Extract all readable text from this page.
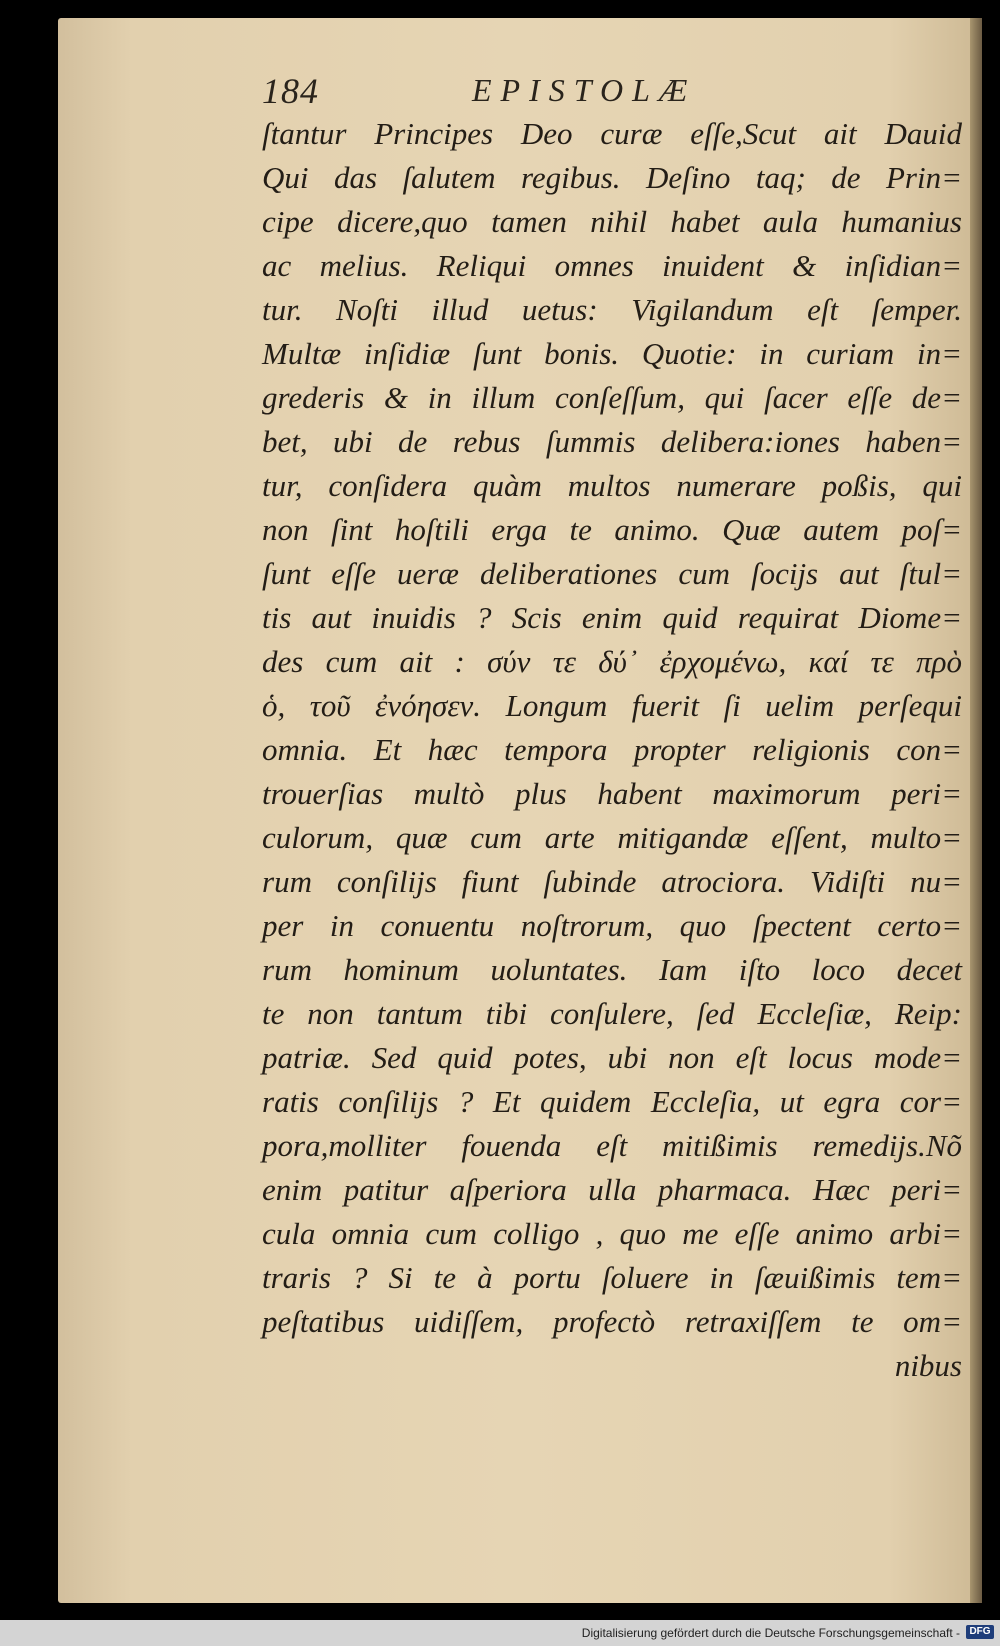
184	EPISTOLÆ
ſtantur Principes Deo curæ eſſe,Scut ait Dauid
Qui das ſalutem regibus. Deſino taq; de Prin=
cipe dicere,quo tamen nihil habet aula humanius
ac melius. Reliqui omnes inuident & inſidian=
tur. Noſti illud uetus: Vigilandum eſt ſemper.
Multæ inſidiæ ſunt bonis. Quotie: in curiam in=
grederis & in illum conſeſſum, qui ſacer eſſe de=
bet, ubi de rebus ſummis delibera:iones haben=
tur, conſidera quàm multos numerare poßis, qui
non ſint hoſtili erga te animo. Quæ autem poſ=
ſunt eſſe ueræ deliberationes cum ſocijs aut ſtul=
tis aut inuidis ? Scis enim quid requirat Diome=
des cum ait : σύν τε δύ᾽ ἐρχομένω, καί τε πρὸ
ὁ, τοῦ ἐνόησεν. Longum fuerit ſi uelim perſequi
omnia. Et hæc tempora propter religionis con=
trouerſias multò plus habent maximorum peri=
culorum, quæ cum arte mitigandæ eſſent, multo=
rum conſilijs fiunt ſubinde atrociora. Vidiſti nu=
per in conuentu noſtrorum, quo ſpectent certo=
rum hominum uoluntates. Iam iſto loco decet
te non tantum tibi conſulere, ſed Eccleſiæ, Reip:
patriæ. Sed quid potes, ubi non eſt locus mode=
ratis conſilijs ? Et quidem Eccleſia, ut egra cor=
pora,molliter fouenda eſt mitißimis remedijs.Nõ
enim patitur aſperiora ulla pharmaca. Hæc peri=
cula omnia cum colligo , quo me eſſe animo arbi=
traris ? Si te à portu ſoluere in ſæuißimis tem=
peſtatibus uidiſſem, profectò retraxiſſem te om=
nibus
Digitalisierung gefördert durch die Deutsche Forschungsgemeinschaft - DFG
